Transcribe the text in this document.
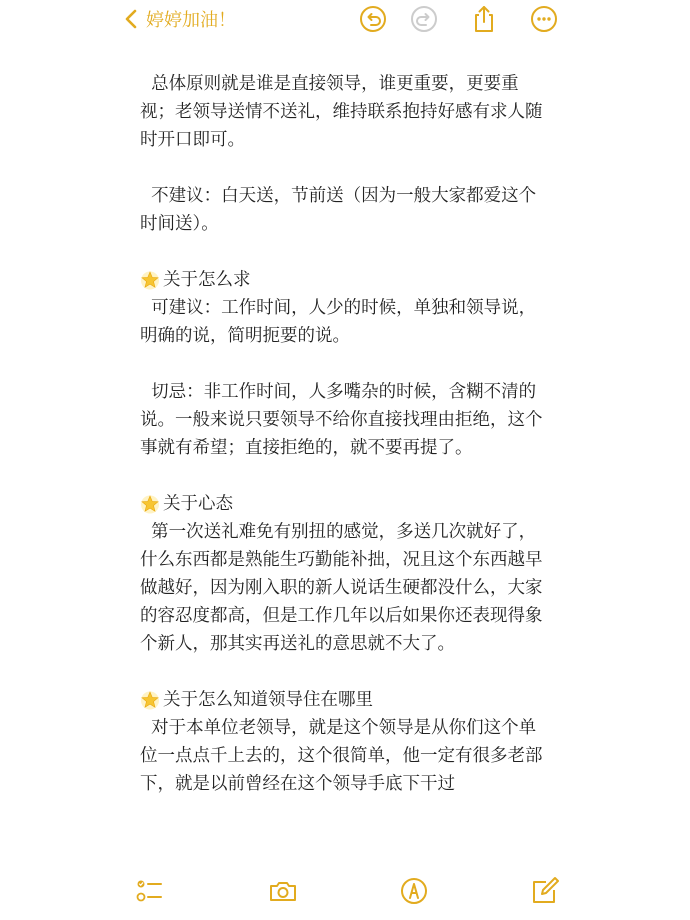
婷婷加油！

总体原则就是谁是直接领导，谁更重要，更要重视；老领导送情不送礼，维持联系抱持好感有求人随时开口即可。

不建议：白天送，节前送（因为一般大家都爱这个时间送）。

关于怎么求

可建议：工作时间，人少的时候，单独和领导说，明确的说，简明扼要的说。

切忌：非工作时间，人多嘴杂的时候，含糊不清的说。一般来说只要领导不给你直接找理由拒绝，这个事就有希望；直接拒绝的，就不要再提了。

关于心态

第一次送礼难免有别扭的感觉，多送几次就好了，什么东西都是熟能生巧勤能补拙，况且这个东西越早做越好，因为刚入职的新人说话生硬都没什么，大家的容忍度都高，但是工作几年以后如果你还表现得象个新人，那其实再送礼的意思就不大了。

关于怎么知道领导住在哪里

对于本单位老领导，就是这个领导是从你们这个单位一点点千上去的，这个很简单，他一定有很多老部下，就是以前曾经在这个领导手底下干过
